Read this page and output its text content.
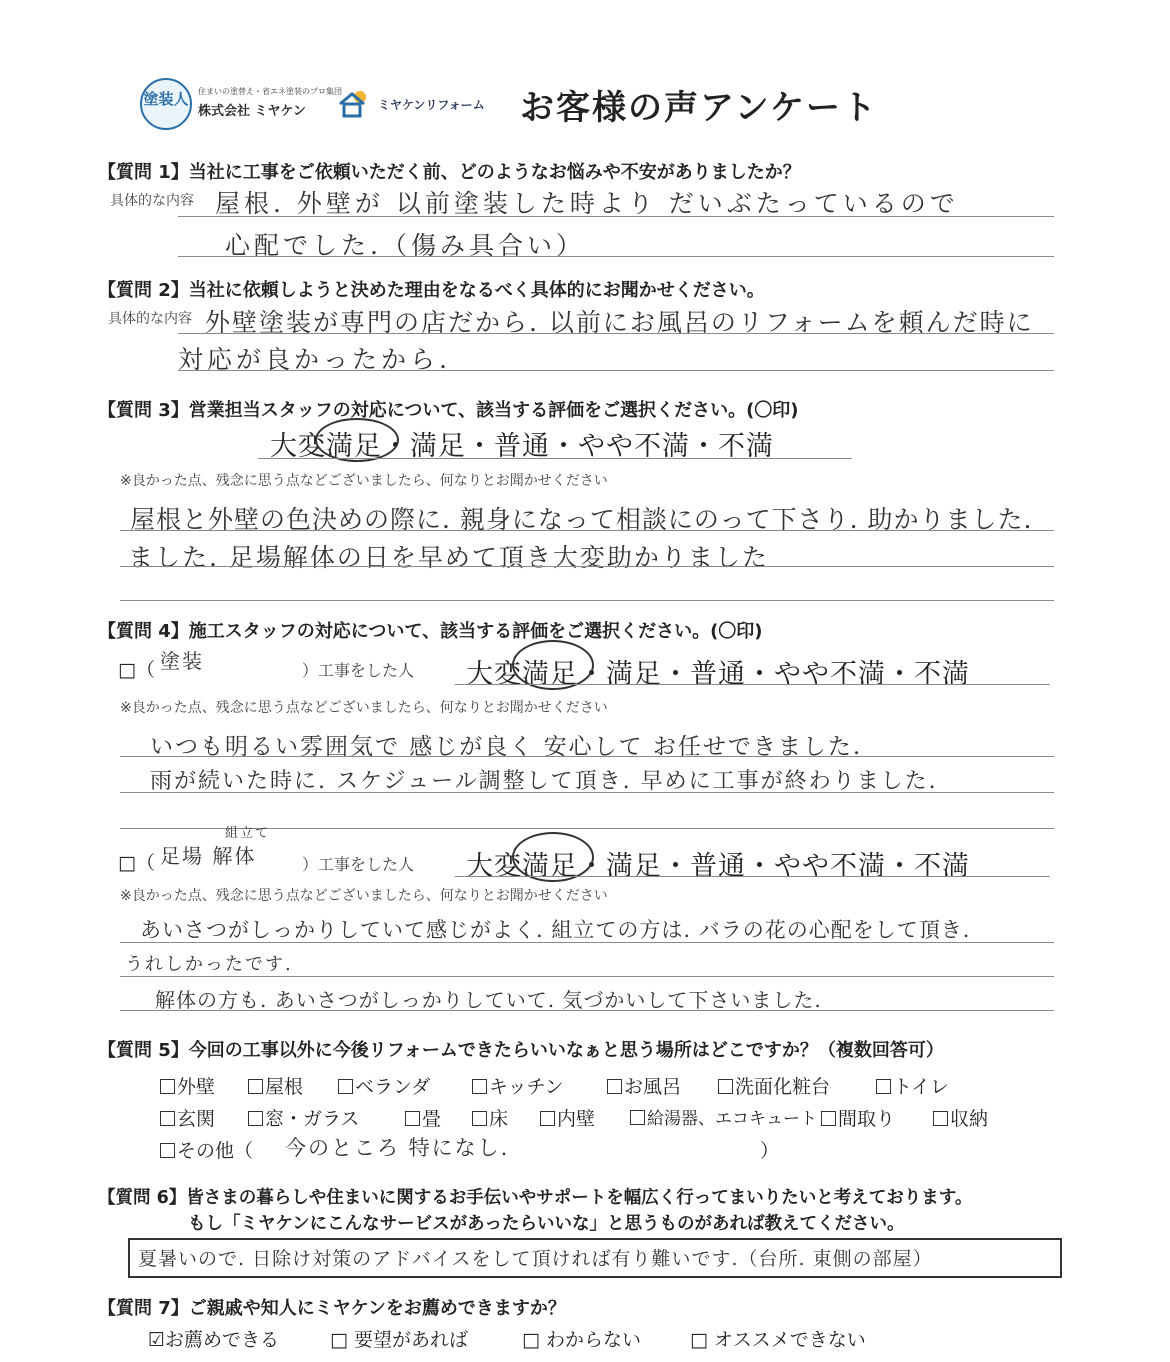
塗装人 住まいの塗替え・省エネ塗装のプロ集団
株式会社 ミヤケン	ミヤケンリフォーム お客様の声アンケート
【質問 1】当社に工事をご依頼いただく前、どのようなお悩みや不安がありましたか？
具体的な内容 屋根. 外壁が 以前塗装した時より だいぶたっているので
心配でした.（傷み具合い）
【質問 2】当社に依頼しようと決めた理由をなるべく具体的にお聞かせください。
具体的な内容 外壁塗装が専門の店だから. 以前にお風呂のリフォームを頼んだ時に
対応が良かったから.
【質問 3】営業担当スタッフの対応について、該当する評価をご選択ください。(〇印)
大変満足・満足・普通・やや不満・不満
※良かった点、残念に思う点などございましたら、何なりとお聞かせください
屋根と外壁の色決めの際に. 親身になって相談にのって下さり. 助かりました.
ました. 足場解体の日を早めて頂き大変助かりました
【質問 4】施工スタッフの対応について、該当する評価をご選択ください。(〇印)
□（ 塗装	）工事をした人 大変満足・満足・普通・やや不満・不満
※良かった点、残念に思う点などございましたら、何なりとお聞かせください
いつも明るい雰囲気で 感じが良く 安心して お任せできました.
雨が続いた時に. スケジュール調整して頂き. 早めに工事が終わりました.
□（
組立て
足場 解体	）工事をした人 大変満足・満足・普通・やや不満・不満
※良かった点、残念に思う点などございましたら、何なりとお聞かせください
あいさつがしっかりしていて感じがよく. 組立ての方は. バラの花の心配をして頂き.
うれしかったです.
解体の方も. あいさつがしっかりしていて. 気づかいして下さいました.
【質問 5】今回の工事以外に今後リフォームできたらいいなぁと思う場所はどこですか？（複数回答可）
外壁	屋根	ベランダ	キッチン	お風呂	洗面化粧台	トイレ
玄関	窓・ガラス	畳	床	内壁	給湯器、エコキュート	間取り	収納
その他（ 今のところ 特になし.	）
【質問 6】皆さまの暮らしや住まいに関するお手伝いやサポートを幅広く行ってまいりたいと考えております。
もし「ミヤケンにこんなサービスがあったらいいな」と思うものがあれば教えてください。
夏暑いので. 日除け対策のアドバイスをして頂ければ有り難いです.（台所. 東側の部屋）
【質問 7】ご親戚や知人にミヤケンをお薦めできますか？
☑お薦めできる	□ 要望があれば	□ わからない	□ オススメできない
